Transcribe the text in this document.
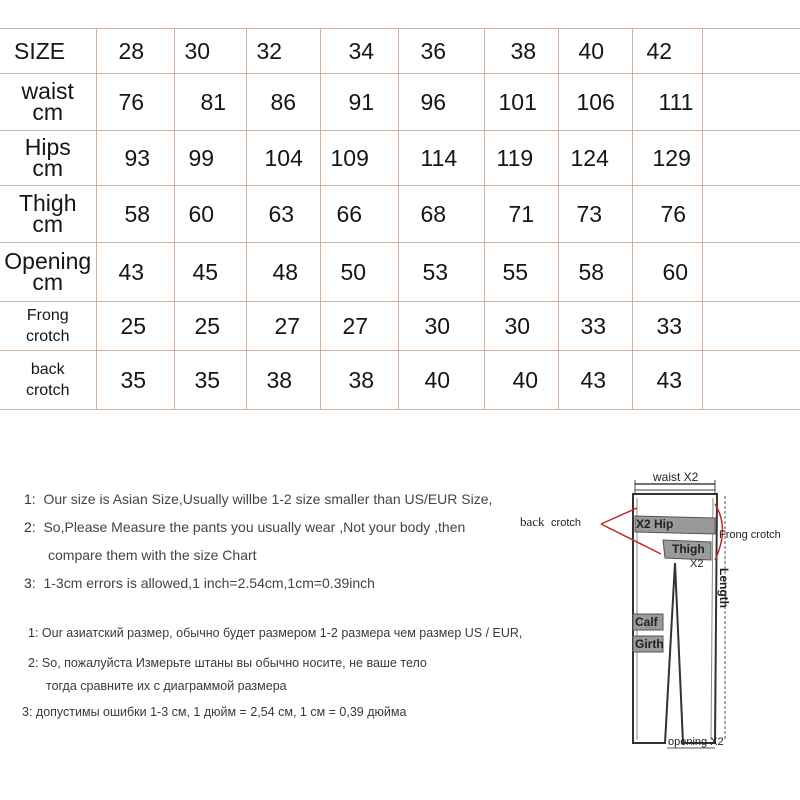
SIZE	28	30	32	34	36	38	40	42	
waist
cm	76	81	86	91	96	101	106	111	
Hips
cm	93	99	104	109	114	119	124	129	
Thigh
cm	58	60	63	66	68	71	73	76	
Opening
cm	43	45	48	50	53	55	58	60	
Frong
crotch	25	25	27	27	30	30	33	33	
back
crotch	35	35	38	38	40	40	43	43	
1: Our size is Asian Size,Usually willbe 1-2 size smaller than US/EUR Size,
2: So,Please Measure the pants you usually wear ,Not your body ,then
compare them with the size Chart
3: 1-3cm errors is allowed,1 inch=2.54cm,1cm=0.39inch
1: Our азиатский размер, обычно будет размером 1-2 размера чем размер US / EUR,
2: So, пожалуйста Измерьте штаны вы обычно носите, не ваше тело
тогда сравните их с диаграммой размера
3: допустимы ошибки 1-3 см, 1 дюйм = 2,54 см, 1 см = 0,39 дюйма
waist X2
X2 Hip
Thigh
X2
Length
Calf
Girth
opening X2
back crotch
Frong crotch
